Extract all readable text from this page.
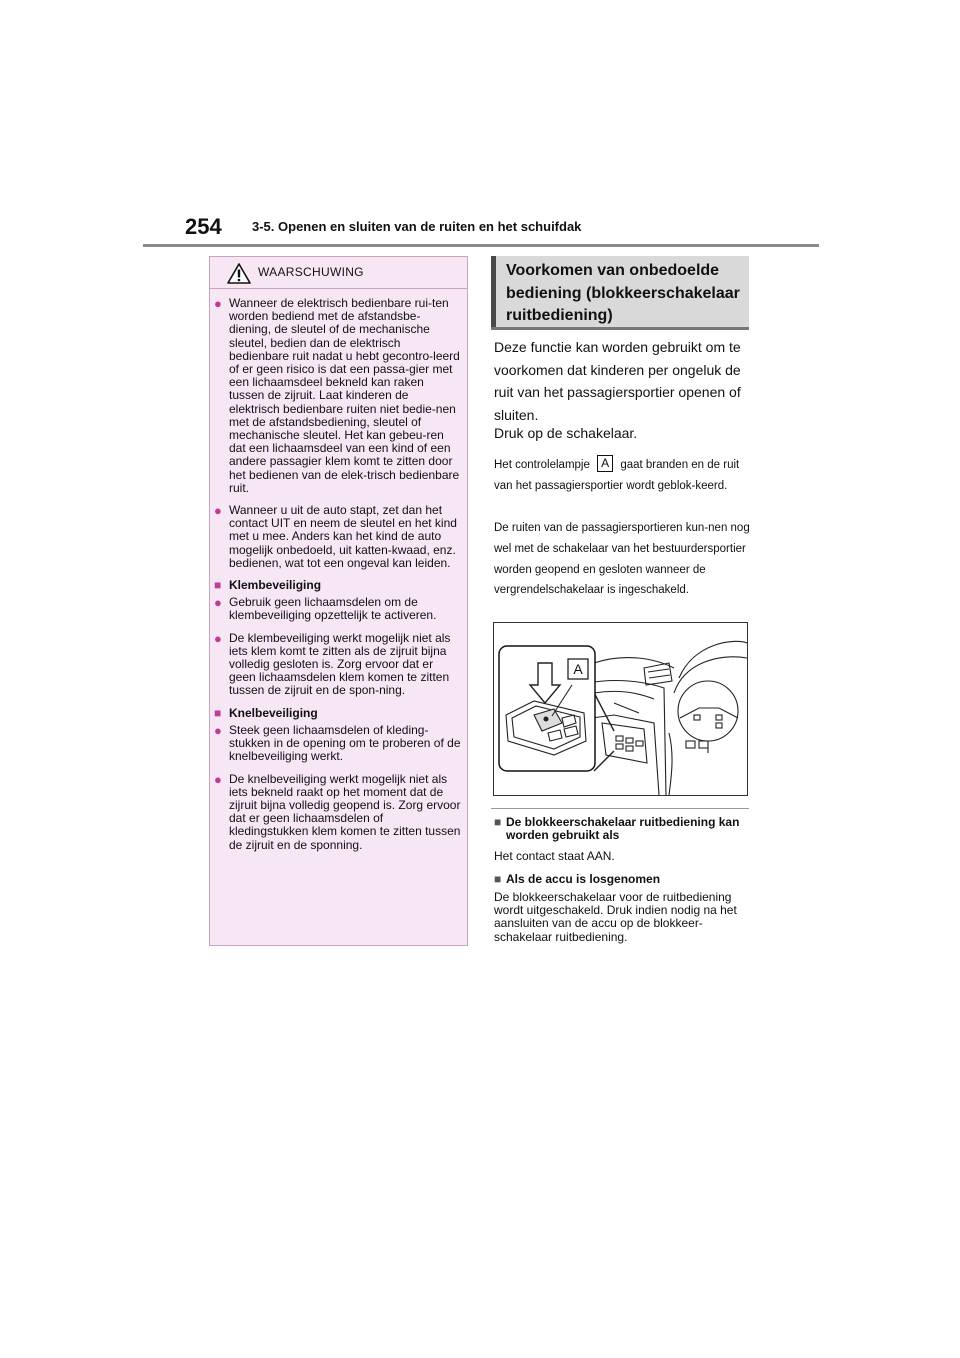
254 3-5. Openen en sluiten van de ruiten en het schuifdak
WAARSCHUWING
● Wanneer de elektrisch bedienbare rui-ten worden bediend met de afstandsbe-diening, de sleutel of de mechanische sleutel, bedien dan de elektrisch bedienbare ruit nadat u hebt gecontro-leerd of er geen risico is dat een passa-gier met een lichaamsdeel bekneld kan raken tussen de zijruit. Laat kinderen de elektrisch bedienbare ruiten niet bedie-nen met de afstandsbediening, sleutel of mechanische sleutel. Het kan gebeu-ren dat een lichaamsdeel van een kind of een andere passagier klem komt te zitten door het bedienen van de elek-trisch bedienbare ruit.
● Wanneer u uit de auto stapt, zet dan het contact UIT en neem de sleutel en het kind met u mee. Anders kan het kind de auto mogelijk onbedoeld, uit katten-kwaad, enz. bedienen, wat tot een ongeval kan leiden.
■ Klembeveiliging
● Gebruik geen lichaamsdelen om de klembeveiliging opzettelijk te activeren.
● De klembeveiliging werkt mogelijk niet als iets klem komt te zitten als de zijruit bijna volledig gesloten is. Zorg ervoor dat er geen lichaamsdelen klem komen te zitten tussen de zijruit en de spon-ning.
■ Knelbeveiliging
● Steek geen lichaamsdelen of kleding-stukken in de opening om te proberen of de knelbeveiliging werkt.
● De knelbeveiliging werkt mogelijk niet als iets bekneld raakt op het moment dat de zijruit bijna volledig geopend is. Zorg ervoor dat er geen lichaamsdelen of kledingstukken klem komen te zitten tussen de zijruit en de sponning.
Voorkomen van onbedoelde bediening (blokkeerschakelaar ruitbediening)
Deze functie kan worden gebruikt om te voorkomen dat kinderen per ongeluk de ruit van het passagiersportier openen of sluiten.
Druk op de schakelaar.
Het controlelampje A gaat branden en de ruit van het passagiersportier wordt geblok-keerd.
De ruiten van de passagiersportieren kun-nen nog wel met de schakelaar van het bestuurdersportier worden geopend en gesloten wanneer de vergrendelschakelaar is ingeschakeld.
A
■ De blokkeerschakelaar ruitbediening kan worden gebruikt als
Het contact staat AAN.
■ Als de accu is losgenomen
De blokkeerschakelaar voor de ruitbediening wordt uitgeschakeld. Druk indien nodig na het aansluiten van de accu op de blokkeer-schakelaar ruitbediening.
